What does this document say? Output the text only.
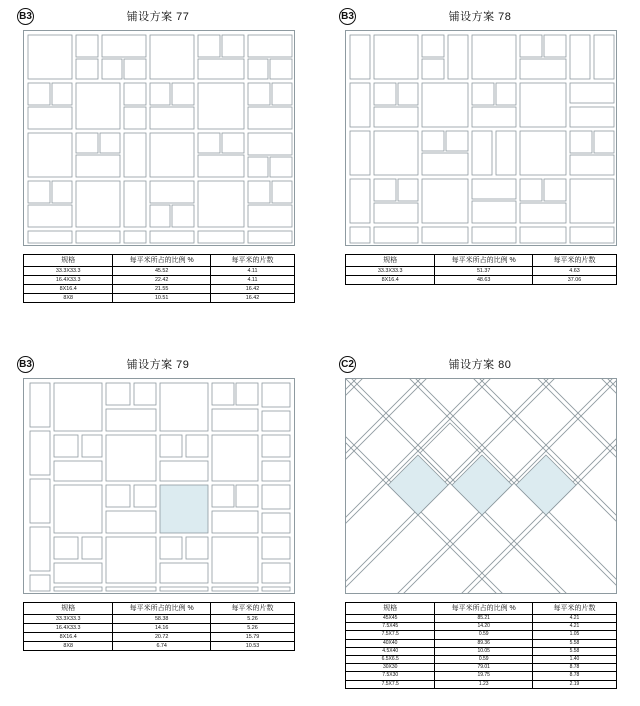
B3	铺设方案 77
规格	每平米所占的比例 %	每平米的片数
33.3X33.3	45.52	4.11
16.4X33.3	22.42	4.11
8X16.4	21.55	16.42
8X8	10.51	16.42
B3	铺设方案 78
规格	每平米所占的比例 %	每平米的片数
33.3X33.3	51.37	4.63
8X16.4	48.63	37.06
B3	铺设方案 79
规格	每平米所占的比例 %	每平米的片数
33.3X33.3	58.38	5.26
16.4X33.3	14.16	5.26
8X16.4	20.72	15.79
8X8	6.74	10.53
C2	铺设方案 80
规格	每平米所占的比例 %	每平米的片数
45X45	85.21	4.21
7.5X45	14.20	4.21
7.5X7.5	0.59	1.05
40X40	89.36	5.58
4.5X40	10.05	5.58
6.5X6.5	0.59	1.40
30X30	79.01	8.78
7.5X30	19.75	8.78
7.5X7.5	1.23	2.19
